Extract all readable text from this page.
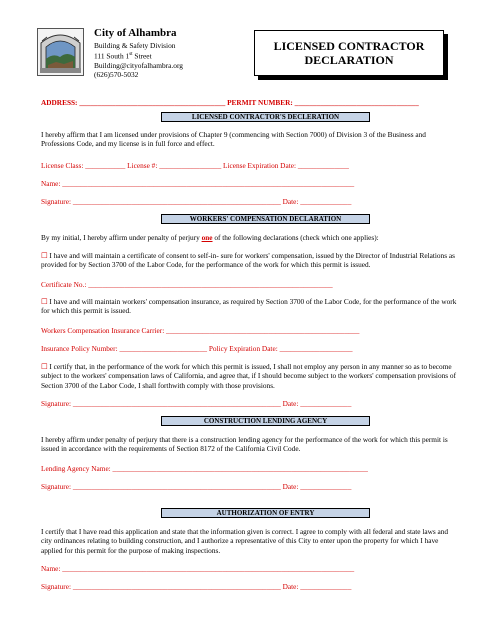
City of Alhambra
Building & Safety Division
111 South 1st Street
Building@cityofalhambra.org
(626)570-5032
LICENSED CONTRACTOR
DECLARATION
ADDRESS: ________________________________________ PERMIT NUMBER: __________________________________
LICENSED CONTRACTOR'S DECLERATION
I hereby affirm that I am licensed under provisions of Chapter 9 (commencing with Section 7000) of Division 3 of the Business and Professions Code, and my license is in full force and effect.
License Class: ___________ License #: _________________ License Expiration Date: ______________
Name: ________________________________________________________________________________
Signature: _________________________________________________________ Date: ______________
WORKERS' COMPENSATION DECLARATION
By my initial, I hereby affirm under penalty of perjury one of the following declarations (check which one applies):
☐ I have and will maintain a certificate of consent to self-in- sure for workers' compensation, issued by the Director of Industrial Relations as provided for by Section 3700 of the Labor Code, for the performance of the work for which this permit is issued.
Certificate No.: ___________________________________________________________________
☐ I have and will maintain workers' compensation insurance, as required by Section 3700 of the Labor Code, for the performance of the work for which this permit is issued.
Workers Compensation Insurance Carrier: _____________________________________________________
Insurance Policy Number: ________________________ Policy Expiration Date: ____________________
☐ I certify that, in the performance of the work for which this permit is issued, I shall not employ any person in any manner so as to become subject to the workers' compensation laws of California, and agree that, if I should become subject to the workers' compensation provisions of Section 3700 of the Labor Code, I shall forthwith comply with those provisions.
Signature: _________________________________________________________ Date: ______________
CONSTRUCTION LENDING AGENCY
I hereby affirm under penalty of perjury that there is a construction lending agency for the performance of the work for which this permit is issued in accordance with the requirements of Section 8172 of the California Civil Code.
Lending Agency Name: ______________________________________________________________________
Signature: _________________________________________________________ Date: ______________
AUTHORIZATION OF ENTRY
I certify that I have read this application and state that the information given is correct. I agree to comply with all federal and state laws and city ordinances relating to building construction, and I authorize a representative of this City to enter upon the property for which I have applied for this permit for the purpose of making inspections.
Name: ________________________________________________________________________________
Signature: _________________________________________________________ Date: ______________
